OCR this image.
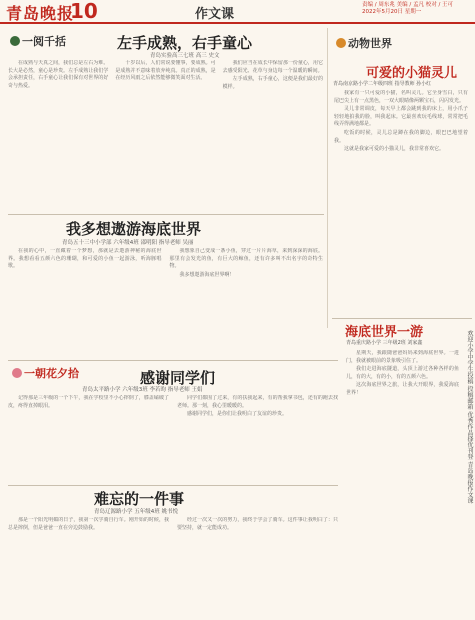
青岛晚报
10	作文课
责编 / 周东兆 美编 / 孟凡 校对 / 王可
2022年5月20日 星期一
一阅千括	左手成熟，右手童心
青岛实验高三七班 高三 史文

在成熟与天真之间，我们总是左右为难。长大是必然，童心是珍贵。左手成熟让我们学会承担责任，右手童心让我们保有对世界的好奇与热爱。

十岁以后，人们常说要懂事，要成熟。可是成熟并不意味着放弃纯真。真正的成熟，是在经历风雨之后依然能够微笑面对生活。

我们应当在成长中保留那一份童心，用它去感受阳光、花草与身边每一个温暖的瞬间。

左手成熟，右手童心，这便是我们最好的模样。

动物世界
可爱的小猫灵儿
青岛南京路小学二年级四班 指导教师 孙小红

我家有一只可爱的小猫，名叫灵儿。它全身雪白，只有尾巴尖上有一点黑色，一双大眼睛像两颗宝石，闪闪发光。

灵儿非常调皮，每天早上都会跳到我的床上，用小爪子轻轻地拍我的脸，叫我起床。它最喜欢玩毛线球，常常把毛线弄得满地都是。

吃饭的时候，灵儿总是蹲在我的脚边，眼巴巴地望着我。

这就是我家可爱的小猫灵儿，我非常喜欢它。

我多想遨游海底世界
青岛五十三中小学部 六年级4班 邵明阳 指导老师 吴丽

在我的心中，一直藏着一个梦想，那就是去遨游神秘的海底世界。我想看看五颜六色的珊瑚，和可爱的小鱼一起游泳，听海豚唱歌。

我想象自己变成一条小鱼，穿过一片片海草，来到深深的海底。那里有会发光的鱼，有巨大的鲸鱼，还有许多叫不出名字的奇特生物。

我多想遨游海底世界啊！

海底世界一游
青岛重庆路小学 三年级2班 刘家鑫

星期天，我跟随爸爸妈妈来到海底世界。一进门，我就被眼前的景象吸引住了。

我们走进海底隧道，头顶上游过各种各样的鱼儿，有的大，有的小，有的五颜六色。

这次海底世界之旅，让我大开眼界，我爱海底世界！	欢迎小学中学生投稿 投稿邮箱 优秀作品择优刊登 青岛晚报作文课
一朝花夕拾	感谢同学们
青岛太平路小学 六年级3班 李若昀 指导老师 王娟

记得那是三年级的一个下午，我在学校里不小心摔倒了，膝盖磕破了皮，疼得直掉眼泪。

同学们都围了过来，有的扶我起来，有的帮我拿书包，还有的跑去找老师。那一刻，我心里暖暖的。

感谢同学们，是你们让我明白了友谊的珍贵。

难忘的一件事
青岛辽源路小学 五年级4班 姚书悦

那是一个阳光明媚的日子，我第一次学骑自行车。刚开始的时候，我总是摔倒，但是爸爸一直在旁边鼓励我。

经过一次又一次的努力，我终于学会了骑车。这件事让我明白了：只要坚持，就一定能成功。
